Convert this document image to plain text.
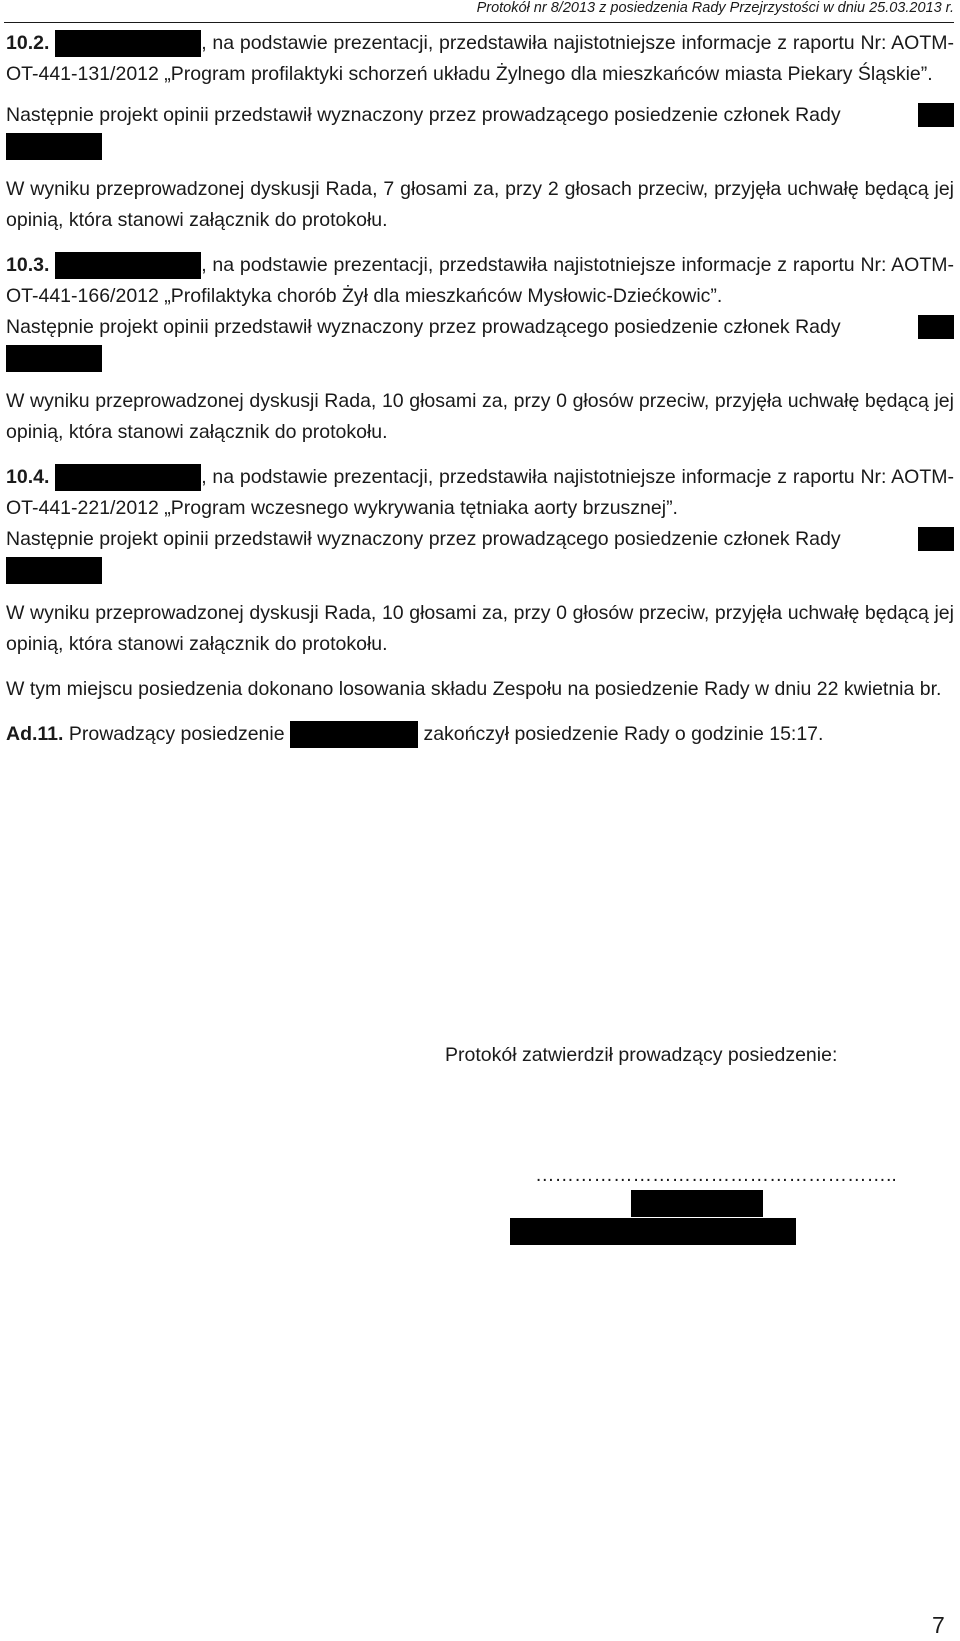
Protokół nr 8/2013 z posiedzenia Rady Przejrzystości w dniu 25.03.2013 r.

10.2.	, na podstawie prezentacji, przedstawiła najistotniejsze informacje z raportu Nr: AOTM-OT-441-131/2012 „Program profilaktyki schorzeń układu Żylnego dla mieszkańców miasta Piekary Śląskie”.

Następnie projekt opinii przedstawił wyznaczony przez prowadzącego posiedzenie członek Rady

W wyniku przeprowadzonej dyskusji Rada, 7 głosami za, przy 2 głosach przeciw, przyjęła uchwałę będącą jej opinią, która stanowi załącznik do protokołu.

10.3.	, na podstawie prezentacji, przedstawiła najistotniejsze informacje z raportu Nr: AOTM-OT-441-166/2012 „Profilaktyka chorób Żył dla mieszkańców Mysłowic-Dziećkowic”.

Następnie projekt opinii przedstawił wyznaczony przez prowadzącego posiedzenie członek Rady

W wyniku przeprowadzonej dyskusji Rada, 10 głosami za, przy 0 głosów przeciw, przyjęła uchwałę będącą jej opinią, która stanowi załącznik do protokołu.

10.4.	, na podstawie prezentacji, przedstawiła najistotniejsze informacje z raportu Nr: AOTM-OT-441-221/2012 „Program wczesnego wykrywania tętniaka aorty brzusznej”.

Następnie projekt opinii przedstawił wyznaczony przez prowadzącego posiedzenie członek Rady

W wyniku przeprowadzonej dyskusji Rada, 10 głosami za, przy 0 głosów przeciw, przyjęła uchwałę będącą jej opinią, która stanowi załącznik do protokołu.

W tym miejscu posiedzenia dokonano losowania składu Zespołu na posiedzenie Rady w dniu 22 kwietnia br.

Ad.11. Prowadzący posiedzenie	zakończył posiedzenie Rady o godzinie 15:17.

Protokół zatwierdził prowadzący posiedzenie:
………………………………………………..
7
